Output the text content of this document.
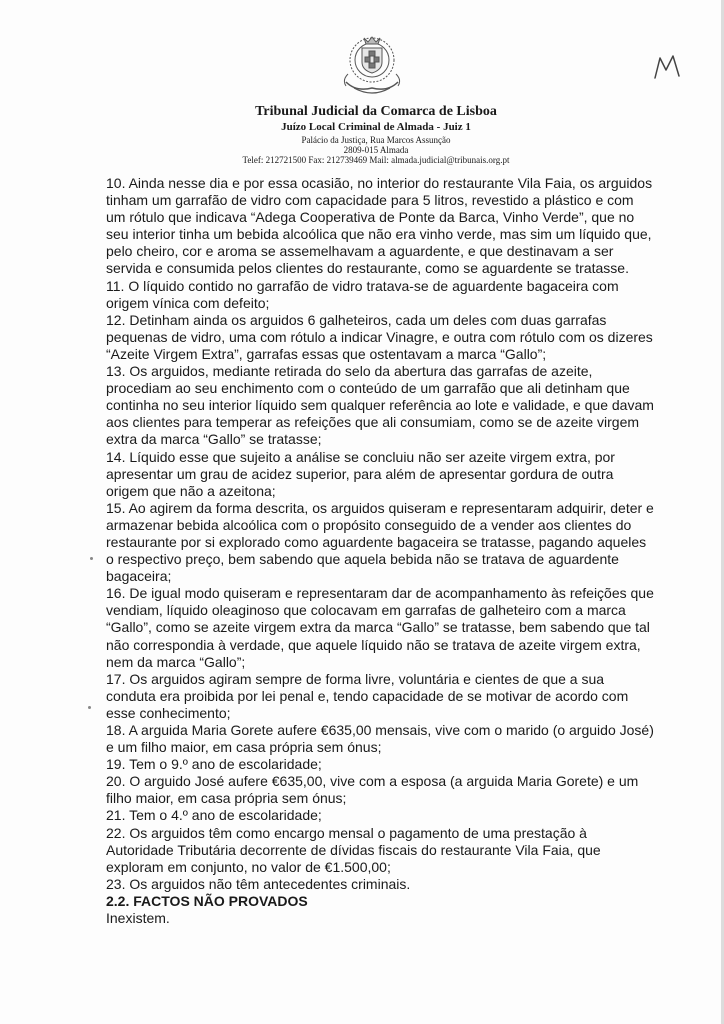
Tribunal Judicial da Comarca de Lisboa

Juízo Local Criminal de Almada - Juiz 1

Palácio da Justiça, Rua Marcos Assunção

2809-015 Almada

Telef: 212721500 Fax: 212739469 Mail: almada.judicial@tribunais.org.pt

10. Ainda nesse dia e por essa ocasião, no interior do restaurante Vila Faia, os arguidos tinham um garrafão de vidro com capacidade para 5 litros, revestido a plástico e com um rótulo que indicava “Adega Cooperativa de Ponte da Barca, Vinho Verde”, que no seu interior tinha um bebida alcoólica que não era vinho verde, mas sim um líquido que, pelo cheiro, cor e aroma se assemelhavam a aguardente, e que destinavam a ser servida e consumida pelos clientes do restaurante, como se aguardente se tratasse.

11. O líquido contido no garrafão de vidro tratava-se de aguardente bagaceira com origem vínica com defeito;

12. Detinham ainda os arguidos 6 galheteiros, cada um deles com duas garrafas pequenas de vidro, uma com rótulo a indicar Vinagre, e outra com rótulo com os dizeres “Azeite Virgem Extra”, garrafas essas que ostentavam a marca “Gallo”;

13. Os arguidos, mediante retirada do selo da abertura das garrafas de azeite, procediam ao seu enchimento com o conteúdo de um garrafão que ali detinham que continha no seu interior líquido sem qualquer referência ao lote e validade, e que davam aos clientes para temperar as refeições que ali consumiam, como se de azeite virgem extra da marca “Gallo” se tratasse;

14. Líquido esse que sujeito a análise se concluiu não ser azeite virgem extra, por apresentar um grau de acidez superior, para além de apresentar gordura de outra origem que não a azeitona;

15. Ao agirem da forma descrita, os arguidos quiseram e representaram adquirir, deter e armazenar bebida alcoólica com o propósito conseguido de a vender aos clientes do restaurante por si explorado como aguardente bagaceira se tratasse, pagando aqueles o respectivo preço, bem sabendo que aquela bebida não se tratava de aguardente bagaceira;

16. De igual modo quiseram e representaram dar de acompanhamento às refeições que vendiam, líquido oleaginoso que colocavam em garrafas de galheteiro com a marca “Gallo”, como se azeite virgem extra da marca “Gallo” se tratasse, bem sabendo que tal não correspondia à verdade, que aquele líquido não se tratava de azeite virgem extra, nem da marca “Gallo”;

17. Os arguidos agiram sempre de forma livre, voluntária e cientes de que a sua conduta era proibida por lei penal e, tendo capacidade de se motivar de acordo com esse conhecimento;

18. A arguida Maria Gorete aufere €635,00 mensais, vive com o marido (o arguido José) e um filho maior, em casa própria sem ónus;

19. Tem o 9.º ano de escolaridade;

20. O arguido José aufere €635,00, vive com a esposa (a arguida Maria Gorete) e um filho maior, em casa própria sem ónus;

21. Tem o 4.º ano de escolaridade;

22. Os arguidos têm como encargo mensal o pagamento de uma prestação à Autoridade Tributária decorrente de dívidas fiscais do restaurante Vila Faia, que exploram em conjunto, no valor de €1.500,00;

23. Os arguidos não têm antecedentes criminais.

2.2. FACTOS NÃO PROVADOS

Inexistem.
